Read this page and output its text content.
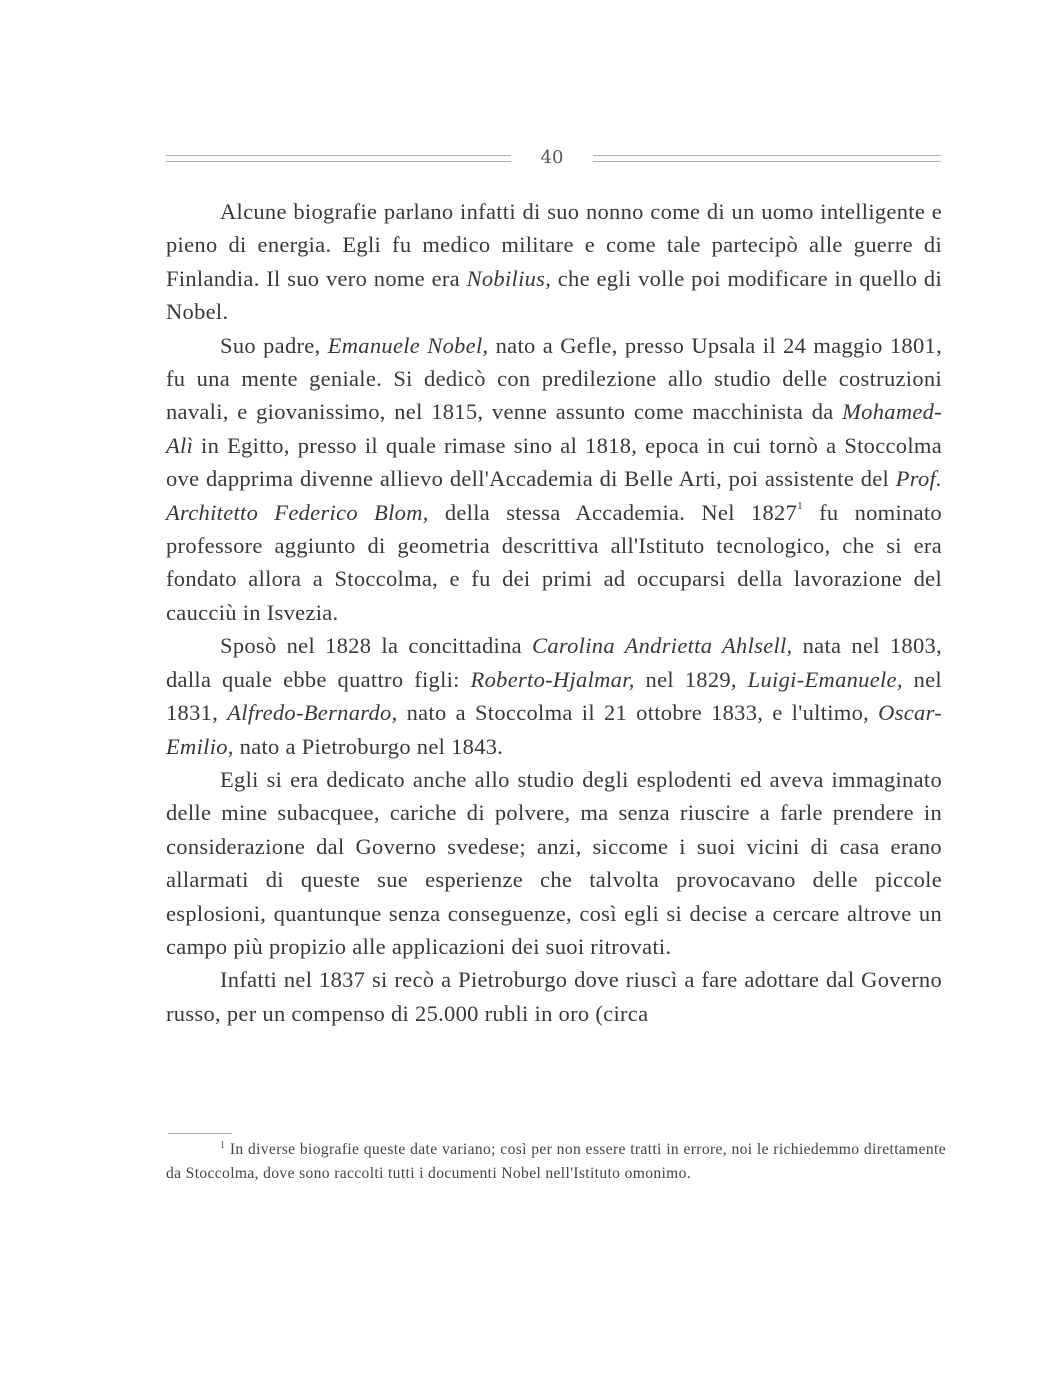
40

Alcune biografie parlano infatti di suo nonno come di un uomo intelligente e pieno di energia. Egli fu medico militare e come tale partecipò alle guerre di Finlandia. Il suo vero nome era Nobilius, che egli volle poi modificare in quello di Nobel.

Suo padre, Emanuele Nobel, nato a Gefle, presso Upsala il 24 maggio 1801, fu una mente geniale. Si dedicò con predilezione allo studio delle costruzioni navali, e giovanissimo, nel 1815, venne assunto come macchinista da Mohamed-Alì in Egitto, presso il quale rimase sino al 1818, epoca in cui tornò a Stoccolma ove dapprima divenne allievo dell'Accademia di Belle Arti, poi assistente del Prof. Architetto Federico Blom, della stessa Accademia. Nel 1827$^1$ fu nominato professore aggiunto di geometria descrittiva all'Istituto tecnologico, che si era fondato allora a Stoccolma, e fu dei primi ad occuparsi della lavorazione del caucciù in Isvezia.

Sposò nel 1828 la concittadina Carolina Andrietta Ahlsell, nata nel 1803, dalla quale ebbe quattro figli: Roberto-Hjalmar, nel 1829, Luigi-Emanuele, nel 1831, Alfredo-Bernardo, nato a Stoccolma il 21 ottobre 1833, e l'ultimo, Oscar-Emilio, nato a Pietroburgo nel 1843.

Egli si era dedicato anche allo studio degli esplodenti ed aveva immaginato delle mine subacquee, cariche di polvere, ma senza riuscire a farle prendere in considerazione dal Governo svedese; anzi, siccome i suoi vicini di casa erano allarmati di queste sue esperienze che talvolta provocavano delle piccole esplosioni, quantunque senza conseguenze, così egli si decise a cercare altrove un campo più propizio alle applicazioni dei suoi ritrovati.

Infatti nel 1837 si recò a Pietroburgo dove riuscì a fare adottare dal Governo russo, per un compenso di 25.000 rubli in oro (circa

$^1$ In diverse biografie queste date variano; così per non essere tratti in errore, noi le richiedemmo direttamente da Stoccolma, dove sono raccolti tutti i documenti Nobel nell'Istituto omonimo.
